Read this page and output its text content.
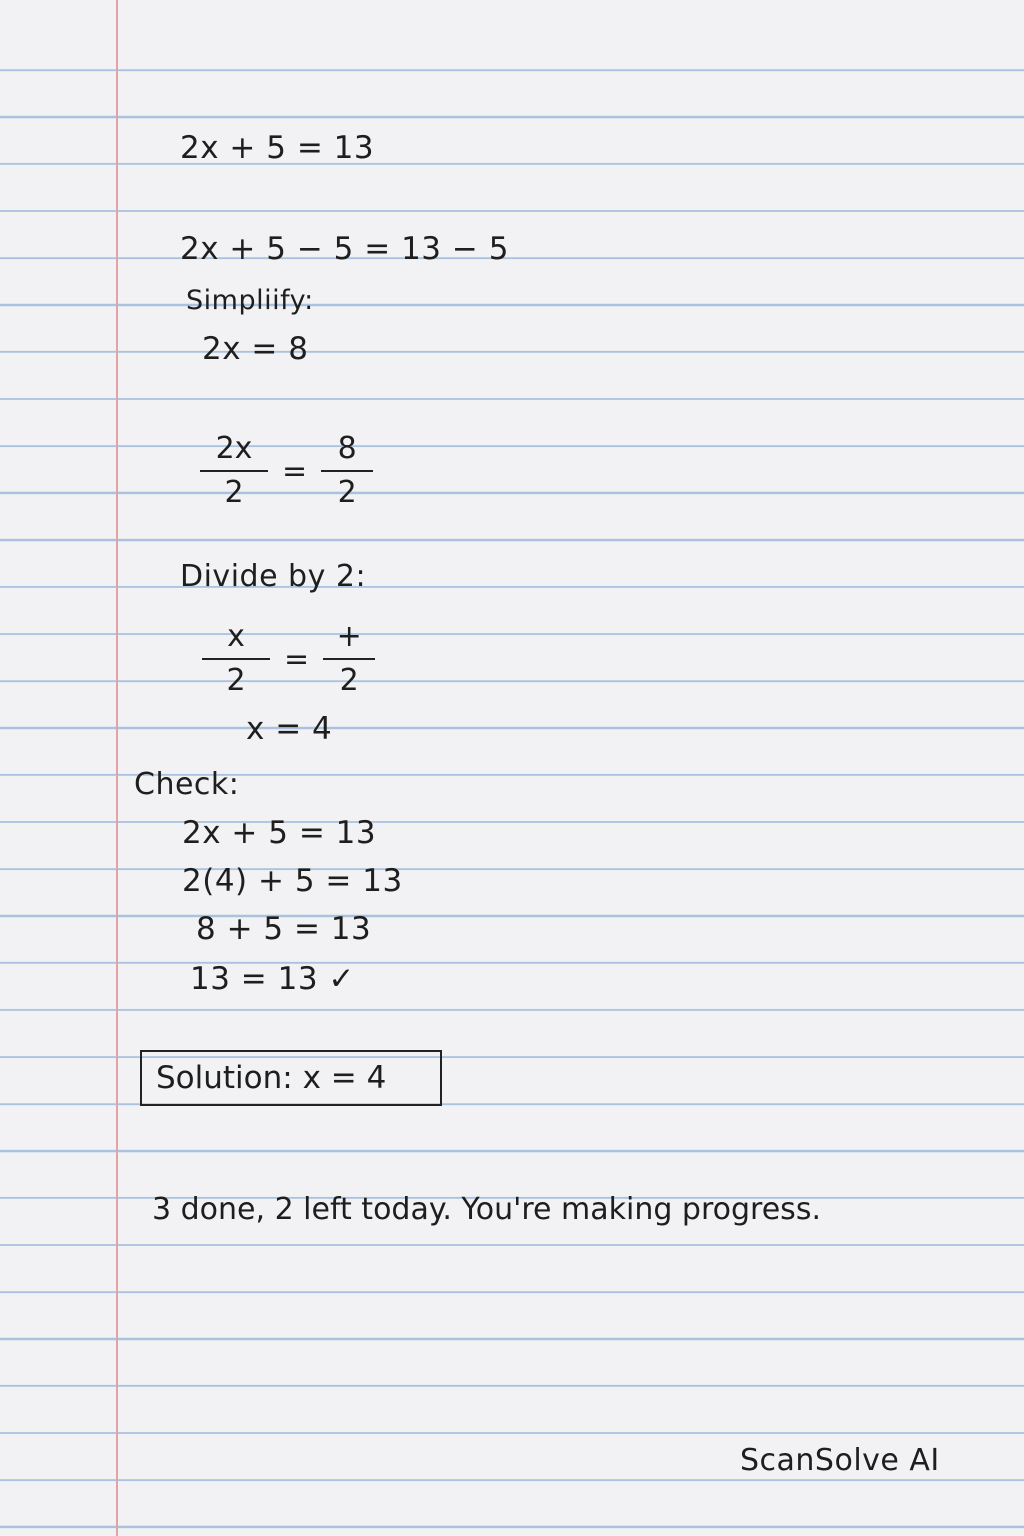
2x + 5 = 13
2x + 5 − 5 = 13 − 5
Simpliify:
2x = 8
$\frac{2x}{2} = \frac{8}{2}$
Divide by 2:
$\frac{x}{2} = \frac{+}{2}$
x = 4
Check:
2x + 5 = 13
2(4) + 5 = 13
8 + 5 = 13
13 = 13 ✓
Solution: x = 4
3 done, 2 left today. You're making progress.
ScanSolve AI
